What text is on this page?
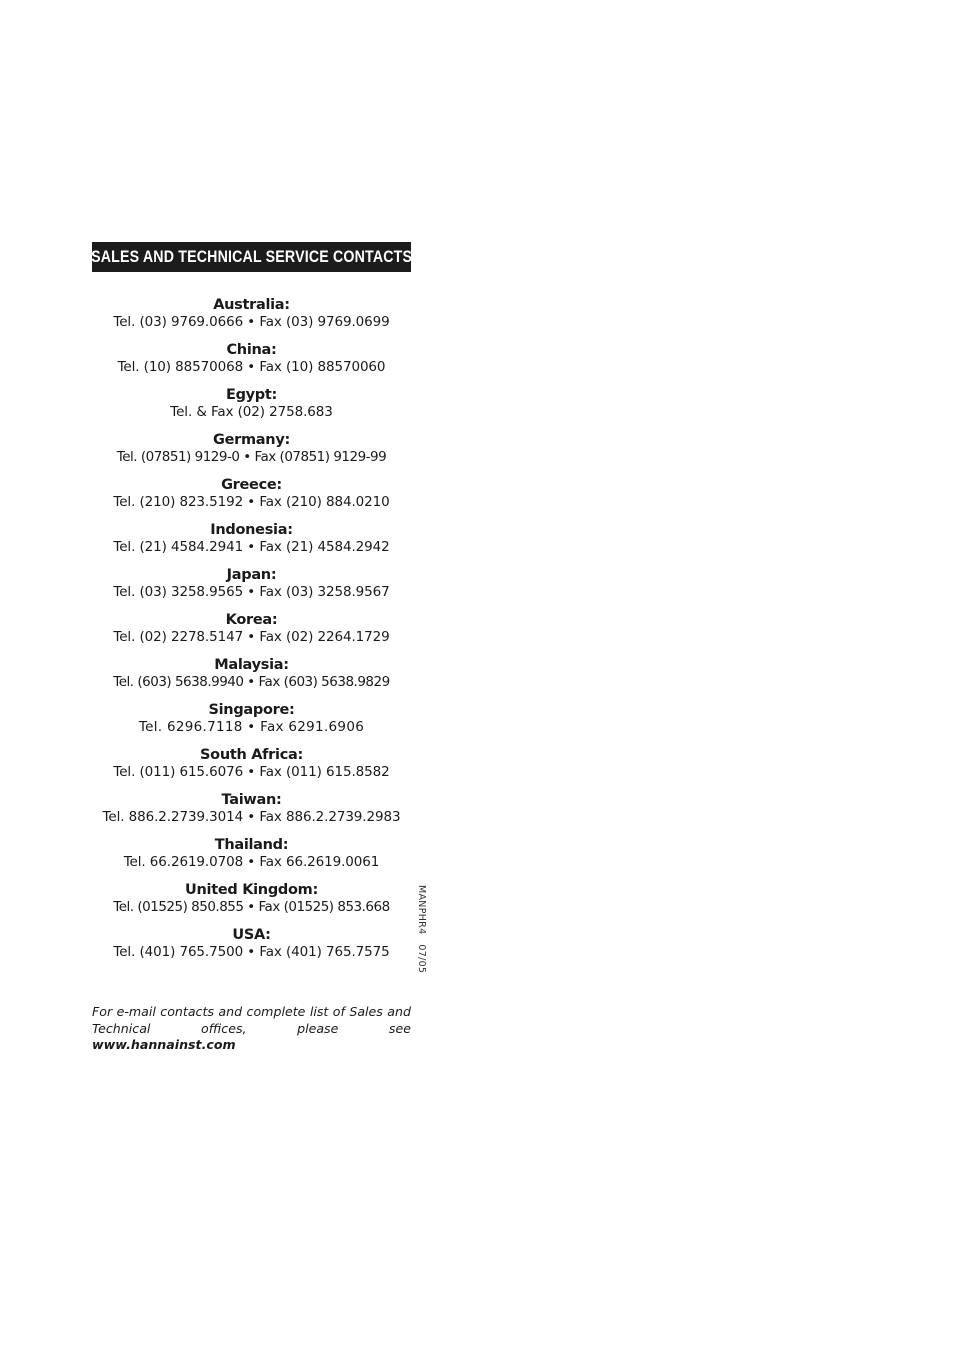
SALES AND TECHNICAL SERVICE CONTACTS
Australia:
Tel. (03) 9769.0666 • Fax (03) 9769.0699
China:
Tel. (10) 88570068 • Fax (10) 88570060
Egypt:
Tel. & Fax (02) 2758.683
Germany:
Tel. (07851) 9129-0 • Fax (07851) 9129-99
Greece:
Tel. (210) 823.5192 • Fax (210) 884.0210
Indonesia:
Tel. (21) 4584.2941 • Fax (21) 4584.2942
Japan:
Tel. (03) 3258.9565 • Fax (03) 3258.9567
Korea:
Tel. (02) 2278.5147 • Fax (02) 2264.1729
Malaysia:
Tel. (603) 5638.9940 • Fax (603) 5638.9829
Singapore:
Tel. 6296.7118 • Fax 6291.6906
South Africa:
Tel. (011) 615.6076 • Fax (011) 615.8582
Taiwan:
Tel. 886.2.2739.3014 • Fax 886.2.2739.2983
Thailand:
Tel. 66.2619.0708 • Fax 66.2619.0061
United Kingdom:
Tel. (01525) 850.855 • Fax (01525) 853.668
USA:
Tel. (401) 765.7500 • Fax (401) 765.7575
MANPHR407/05
For e-mail contacts and complete list of Sales and Technical offices, please see www.hannainst.com
